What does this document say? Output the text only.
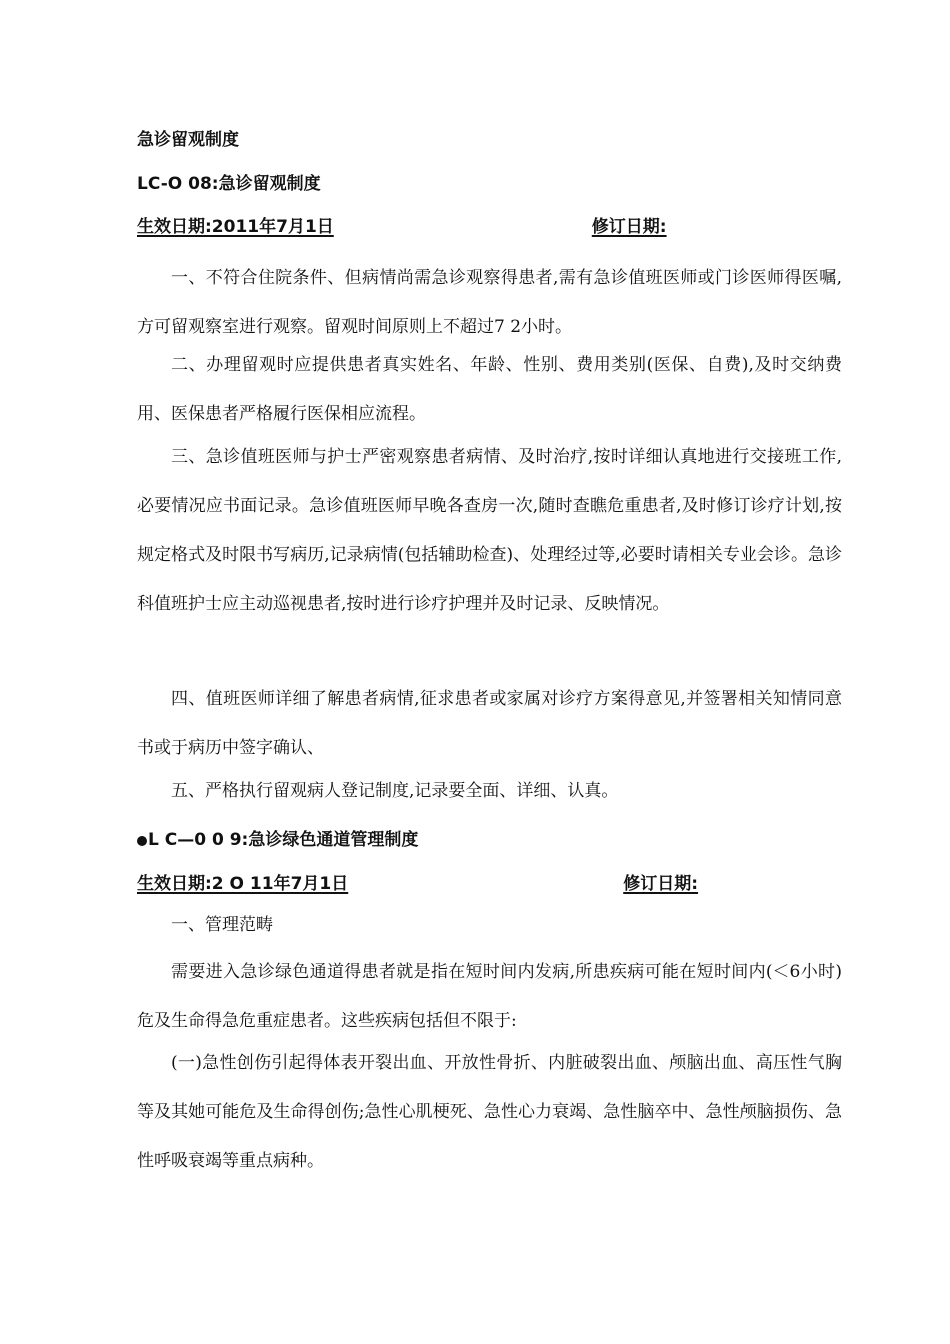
急诊留观制度
LC-O 08:急诊留观制度
生效日期:2011年7月1日	修订日期:

一、不符合住院条件、但病情尚需急诊观察得患者,需有急诊值班医师或门诊医师得医嘱,方可留观察室进行观察。留观时间原则上不超过7 2小时。

二、办理留观时应提供患者真实姓名、年龄、性别、费用类别(医保、自费),及时交纳费用、医保患者严格履行医保相应流程。

三、急诊值班医师与护士严密观察患者病情、及时治疗,按时详细认真地进行交接班工作,必要情况应书面记录。急诊值班医师早晚各查房一次,随时查瞧危重患者,及时修订诊疗计划,按规定格式及时限书写病历,记录病情(包括辅助检查)、处理经过等,必要时请相关专业会诊。急诊科值班护士应主动巡视患者,按时进行诊疗护理并及时记录、反映情况。

四、值班医师详细了解患者病情,征求患者或家属对诊疗方案得意见,并签署相关知情同意书或于病历中签字确认、

五、严格执行留观病人登记制度,记录要全面、详细、认真。

L C—0 0 9:急诊绿色通道管理制度
生效日期:2 O 11年7月1日	修订日期:

一、管理范畴

需要进入急诊绿色通道得患者就是指在短时间内发病,所患疾病可能在短时间内(＜6小时)危及生命得急危重症患者。这些疾病包括但不限于:

(一)急性创伤引起得体表开裂出血、开放性骨折、内脏破裂出血、颅脑出血、高压性气胸等及其她可能危及生命得创伤;急性心肌梗死、急性心力衰竭、急性脑卒中、急性颅脑损伤、急性呼吸衰竭等重点病种。
